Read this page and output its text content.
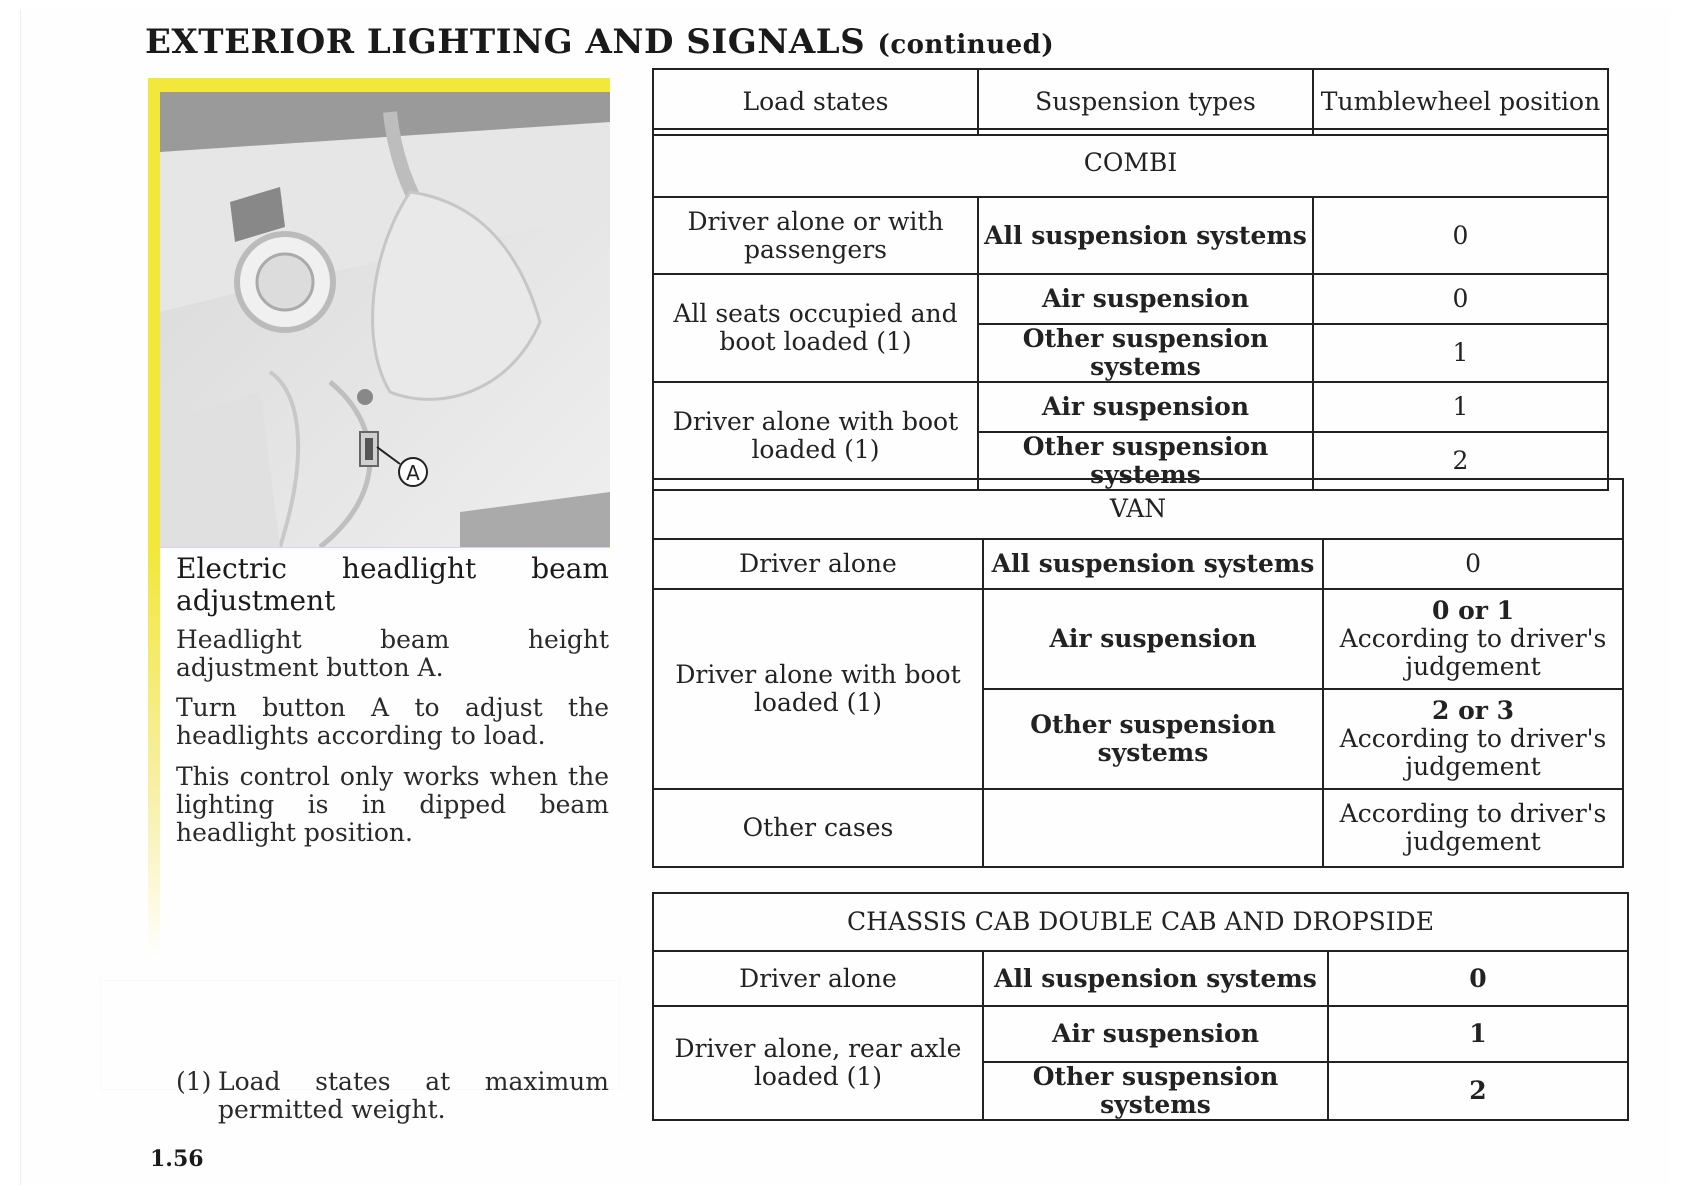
EXTERIOR LIGHTING AND SIGNALS (continued)
A
Electric headlight beam adjustment

Headlight beam height adjustment button A.

Turn button A to adjust the headlights according to load.

This control only works when the lighting is in dipped beam headlight position.

(1) Load states at maximum permitted weight.
1.56
Load states	Suspension types	Tumblewheel position
COMBI		
Driver alone or with passengers	All suspension systems	0
All seats occupied and boot loaded (1)	Air suspension	0
	Other suspension systems	1
Driver alone with boot loaded (1)	Air suspension	1
	Other suspension systems	2
VAN		
Driver alone	All suspension systems	0
Driver alone with boot loaded (1)	Air suspension	0 or 1
According to driver's judgement

	Other suspension systems	2 or 3
According to driver's judgement

Other cases		According to driver's judgement
CHASSIS CAB DOUBLE CAB AND DROPSIDE		
Driver alone	All suspension systems	0
Driver alone, rear axle loaded (1)	Air suspension	1
	Other suspension systems	2
